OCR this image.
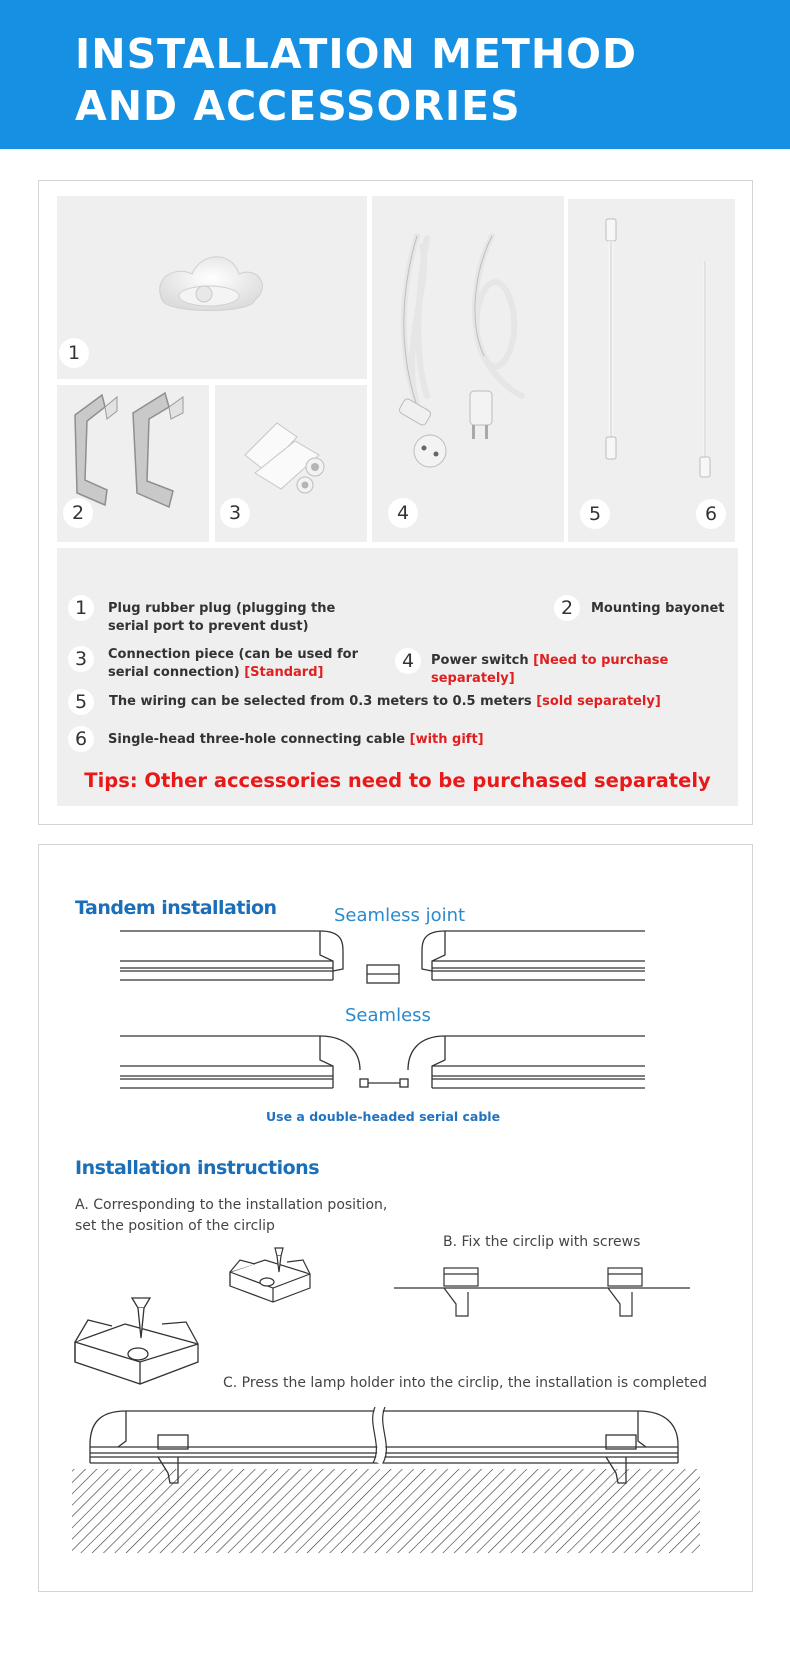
INSTALLATION METHOD
AND ACCESSORIES
1
2	3	4	5	6
1	Plug rubber plug (plugging the serial port to prevent dust)
2	Mounting bayonet
3	Connection piece (can be used for serial connection) [Standard]
4	Power switch [Need to purchase separately]
5	The wiring can be selected from 0.3 meters to 0.5 meters [sold separately]
6	Single-head three-hole connecting cable [with gift]
Tips: Other accessories need to be purchased separately
Tandem installation	Seamless joint
Seamless
Use a double-headed serial cable
Installation instructions
A. Corresponding to the installation position,
set the position of the circlip
B. Fix the circlip with screws
C. Press the lamp holder into the circlip, the installation is completed
